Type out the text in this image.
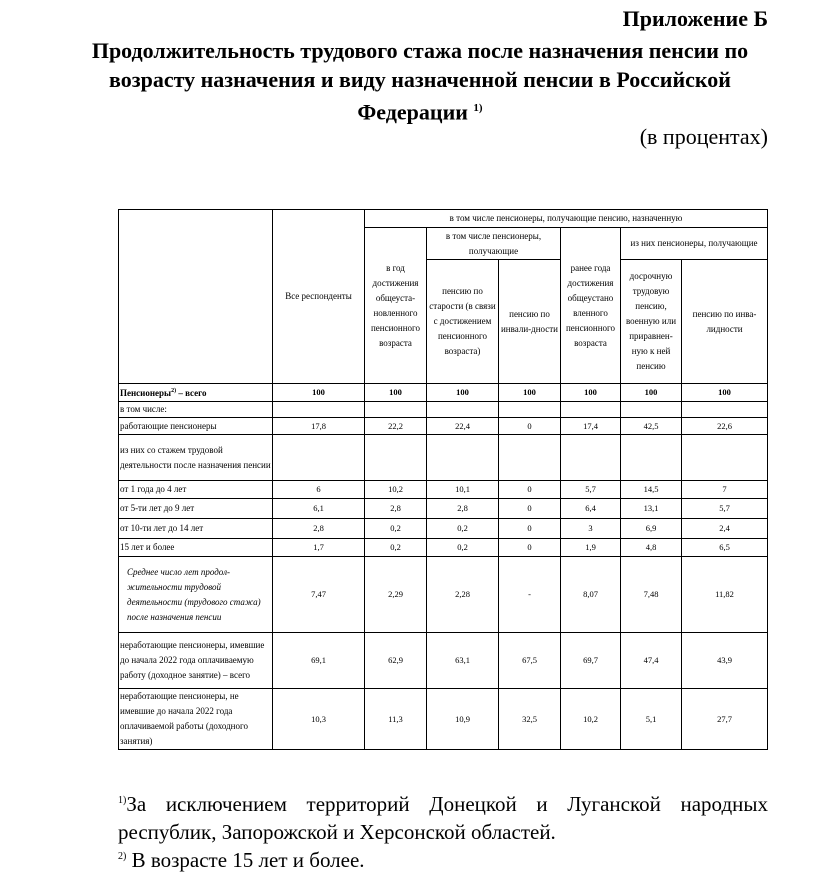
Приложение Б
Продолжительность трудового стажа после назначения пенсии по возрасту назначения и виду назначенной пенсии в Российской Федерации $^{1)}$
(в процентах)
	Все респонденты	в том числе пенсионеры, получающие пенсию, назначенную					
		в год достижения общеуста-новленного пенсионного возраста	в том числе пенсионеры, получающие		ранее года достижения общеустано вленного пенсионного возраста	из них пенсионеры, получающие	
			пенсию по старости (в связи с достижением пенсионного возраста)	пенсию по инвали-дности		досрочную трудовую пенсию, военную или приравнен-ную к ней пенсию	пенсию по инва-лидности
Пенсионеры$^{2)}$ – всего	100	100	100	100	100	100	100
в том числе:							
работающие пенсионеры	17,8	22,2	22,4	0	17,4	42,5	22,6
из них со стажем трудовой деятельности после назначения пенсии							
от 1 года до 4 лет	6	10,2	10,1	0	5,7	14,5	7
от 5-ти лет до 9 лет	6,1	2,8	2,8	0	6,4	13,1	5,7
от 10-ти лет до 14 лет	2,8	0,2	0,2	0	3	6,9	2,4
15 лет и более	1,7	0,2	0,2	0	1,9	4,8	6,5
Среднее число лет продол-жительности трудовой деятельности (трудового стажа) после назначения пенсии	7,47	2,29	2,28	-	8,07	7,48	11,82
неработающие пенсионеры, имевшие до начала 2022 года оплачиваемую работу (доходное занятие) – всего	69,1	62,9	63,1	67,5	69,7	47,4	43,9
неработающие пенсионеры, не имевшие до начала 2022 года оплачиваемой работы (доходного занятия)	10,3	11,3	10,9	32,5	10,2	5,1	27,7
$^{1)}$За исключением территорий Донецкой и Луганской народных республик, Запорожской и Херсонской областей.
$^{2)}$ В возрасте 15 лет и более.
